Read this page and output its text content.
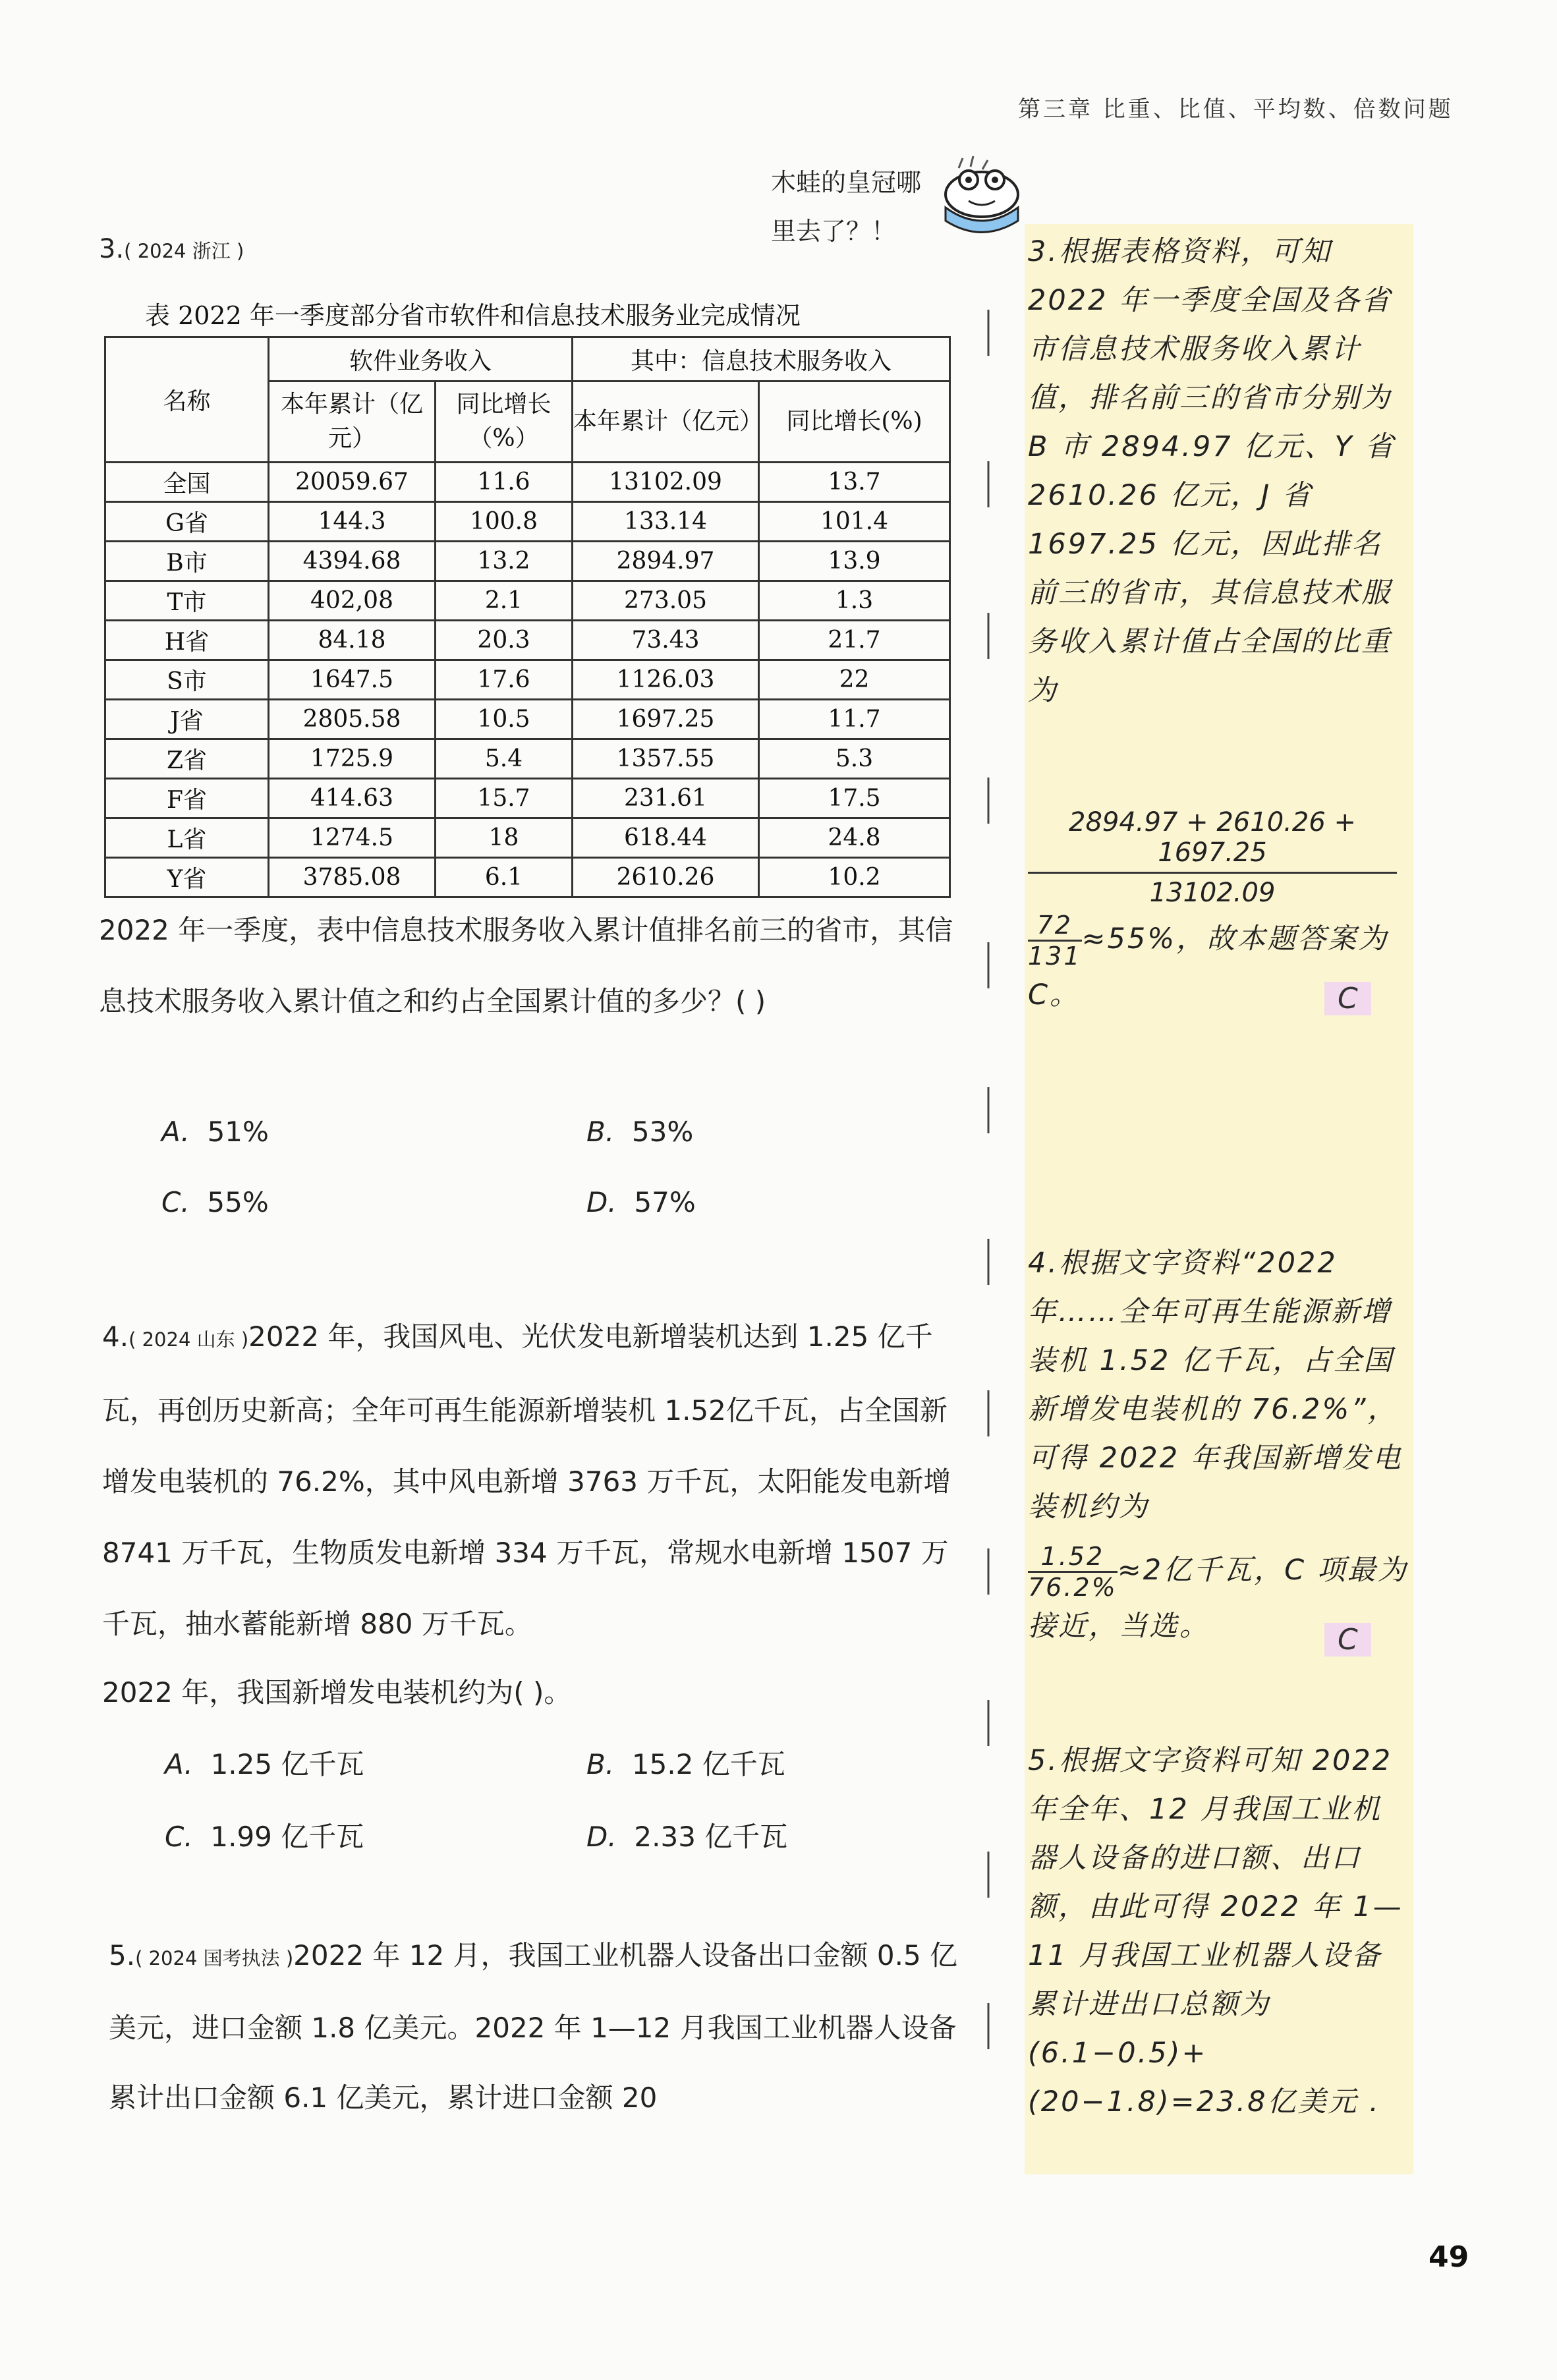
第三章 比重、比值、平均数、倍数问题
木蛙的皇冠哪
里去了？！
3.( 2024 浙江 )
表 2022 年一季度部分省市软件和信息技术服务业完成情况
名称	软件业务收入		其中：信息技术服务收入	
	本年累计（亿元）	同比增长（%）	本年累计（亿元）	同比增长(%)
全国	20059.67	11.6	13102.09	13.7
G省	144.3	100.8	133.14	101.4
B市	4394.68	13.2	2894.97	13.9
T市	402,08	2.1	273.05	1.3
H省	84.18	20.3	73.43	21.7
S市	1647.5	17.6	1126.03	22
J省	2805.58	10.5	1697.25	11.7
Z省	1725.9	5.4	1357.55	5.3
F省	414.63	15.7	231.61	17.5
L省	1274.5	18	618.44	24.8
Y省	3785.08	6.1	2610.26	10.2
2022 年一季度，表中信息技术服务收入累计值排名前三的省市，其信息技术服务收入累计值之和约占全国累计值的多少？( )
A. 51%	B. 53%
C. 55%	D. 57%
4.( 2024 山东 )2022 年，我国风电、光伏发电新增装机达到 1.25 亿千瓦，再创历史新高；全年可再生能源新增装机 1.52亿千瓦，占全国新增发电装机的 76.2%，其中风电新增 3763 万千瓦，太阳能发电新增 8741 万千瓦，生物质发电新增 334 万千瓦，常规水电新增 1507 万千瓦，抽水蓄能新增 880 万千瓦。
2022 年，我国新增发电装机约为( )。
A. 1.25 亿千瓦	B. 15.2 亿千瓦
C. 1.99 亿千瓦	D. 2.33 亿千瓦
5.( 2024 国考执法 )2022 年 12 月，我国工业机器人设备出口金额 0.5 亿美元，进口金额 1.8 亿美元。2022 年 1—12 月我国工业机器人设备累计出口金额 6.1 亿美元，累计进口金额 20
3.根据表格资料，可知 2022 年一季度全国及各省市信息技术服务收入累计值，排名前三的省市分别为 B 市 2894.97 亿元、Y 省 2610.26 亿元，J 省 1697.25 亿元，因此排名前三的省市，其信息技术服务收入累计值占全国的比重为
$\frac{2894.97 + 2610.26 + 1697.25}{13102.09}$
$\frac{72}{131} \approx 55\%$，故本题答案为 C。	C
4.根据文字资料“2022 年……全年可再生能源新增装机 1.52 亿千瓦，占全国新增发电装机的 76.2%”，可得 2022 年我国新增发电装机约为
$\frac{1.52}{76.2\%} \approx 2$亿千瓦，C 项最为接近，当选。	C
5.根据文字资料可知 2022 年全年、12 月我国工业机器人设备的进口额、出口额，由此可得 2022 年 1—11 月我国工业机器人设备累计进出口总额为(6.1−0.5)+(20−1.8)=23.8亿美元 .
49
